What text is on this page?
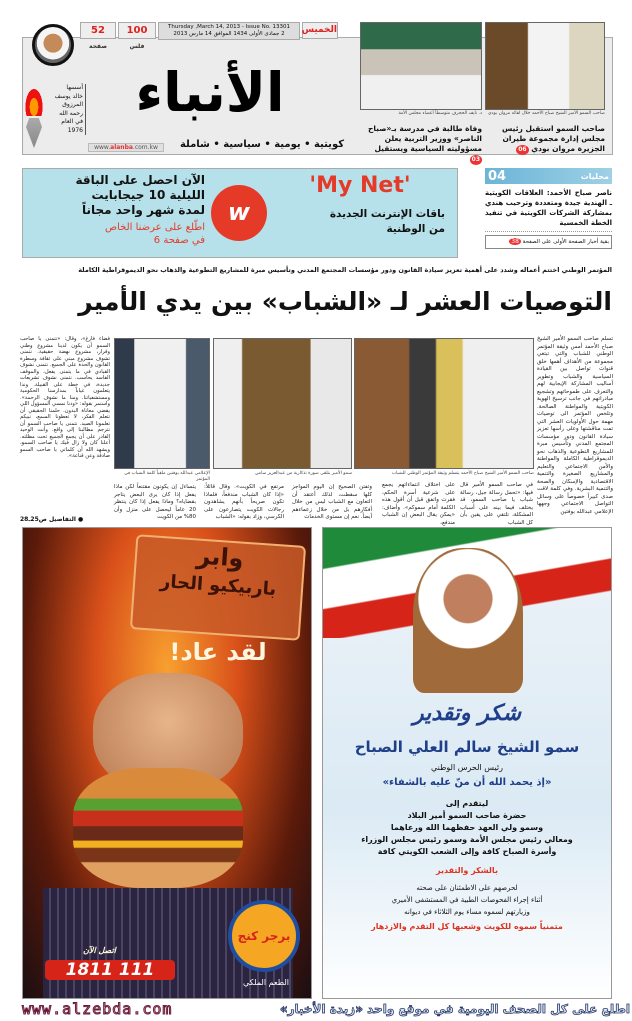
الخميس
Thursday ,March 14, 2013 - Issue No. 13301
2 جمادى الأولى 1434 الموافق 14 مارس 2013
100 فلس
52 صفحة
الأنباء
أسسها
خالد يوسف
المرزوق
رحمه الله
في العام
1976
كويتية • يومية • سياسية • شاملة
www.alanba.com.kw
صاحب السمو الأمير الشيخ صباح الأحمد خلال لقائه مروان بودي
صاحب السمو استقبل رئيس مجلس إدارة مجموعة طيران الجزيرة مروان بودي 06
د. نايف الحجرف متوسطاً أعضاء مجلس الأمة
وفاة طالبة في مدرسة بـ«صباح الناصر» ووزير التربية يعلن مسؤوليته السياسية ويستقيل 03
الآن احصل على الباقة
الليلية 10 جيجابايت
لمدة شهر واحد مجاناً
اطّلع على عرضنا الخاص
في صفحة 6
w
'My Net'
باقات الإنترنت الجديدة
من الوطنية
محليات
04
ناصر صباح الأحمد: العلاقات الكويتية ـ الهندية جيدة ومتعددة وترحيب هندي بمشاركة الشركات الكويتية في تنفيذ الخطة الخمسية
بقية أخبار الصفحة الأولى على الصفحة 38
المؤتمر الوطني اختتم أعماله وشدد على أهمية تعزيز سيادة القانون ودور مؤسسات المجتمع المدني وتأسيس مبرة للمشاريع التطوعية والذهاب نحو الديموقراطية الكاملة
التوصيات العشر لـ «الشباب» بين يدي الأمير
تسلم صاحب السمو الأمير الشيخ صباح الأحمد أمس وثيقة المؤتمر الوطني للشباب والتي تبتغي مجموعة من الأهداف أهمها خلق قنوات تواصل بين القيادة السياسية والشباب وتطوير أساليب المشاركة الإيجابية لهم والتعرف على طموحاتهم وتشجيع مبادراتهم في جانب ترسيخ الهوية الكويتية والمواطنة الصالحة. وتلخص المؤتمر الى توصيات مهمة حول الأولويات العشر التي تمت مناقشتها وعلى رأسها تعزيز سيادة القانون ودور مؤسسات المجتمع المدني وتأسيس مبرة للمشاريع التطوعية والذهاب نحو الديموقراطية الكاملة والمواطنة والأمن الاجتماعي والتعليم والمشاريع الصغيرة والتنمية الاقتصادية والإسكان والصحة والتنمية البشرية. وفي كلمة لاقت صدى كبيراً خصوصاً على وسائل التواصل الاجتماعي وجهها الإعلامي عبدالله بوفتين
صاحب السمو الأمير الشيخ صباح الأحمد يتسلم وثيقة المؤتمر الوطني للشباب
سمو الأمير يتلقى صورة تذكارية من عبدالعزيز سامي
الإعلامي عبدالله بوفتين ملقياً كلمة الشباب في المؤتمر
في صاحب السمو الأمير قال فيها: «تحمل رسالة جيل، رسالة شباب يا صاحب السمو، قد يختلف فيما بينه على أسباب المشكلة، تلتقي على يقين بأن كل الشباب
على اختلاف انتماءاتهم يجمع على شرعية أسرة الحكم، فقرت واتفق قبل أن أقول هذه الكلمة أمام سموكم». وأضاف: «يمكن يقال البعض إن الشباب مندفع،
وتفتن الصحيح إن اليوم المواجز كلها سقطت، لذلك أعتقد أن التعاون مع الشباب ليس من خلال أفكارهم بل من خلال زعماءهم أيضاً. نعم إن مستوى الخدمات
مرتفع في الكويت». وقال قائلاً: «إذا كان الشباب مندفعاً، فلماذا تكون صريحاً بأنهم يشاهدون رجالات الكويت يتصارعون على الكرسي، وزاد بقوله: «الشباب
يتساءل إن يكونون مقتنعاً لكن ماذا يفعل إذا كان يرى البعض يتاجر بقضاياه؟ وماذا يفعل إذا كان ينتظر 20 عاماً ليحصل على منزل وأن 80% من الكويت
فضاء فارغ»، وقال: «نتمنى يا صاحب السمو أن يكون لدينا مشروع وطني وقرار، مشروع نهضة حقيقية. نتمنى تشوف مشروع مبني على ثقافة وسطرة القانون والحدة على الجميع. نتمنى نشوف القيادي في ما يتمنى يفعل، والموقف الفاسد يحاسب. نتمنى نشوف تشريعات جديدة، في خطة على القبيلة. وندا يتعلمون غياباً بمدارسنا الحكومية ومستشفياتنا. ومنا ما نشوف الرحمة». واستمر بقوله: «ودنا نمسي المسؤول اللي يقضي معاناة البدون. حلمنا الحقيقي أن نتعلم الفكر، لا تعطونا السمع، نبيكم تعلمونا الصيد. نتمنى يا صاحب السمو أن نترجم مطالبنا إلى واقع. وأنت الوحيد القادر على أن يجمع الجميع تحت مظلته. أعلنا كان ولا زال فيك يا صاحب السمو، ويشهد الله أن كلماتي يا صاحب السمو صادقة وعن قناعة».
● التفاصيل ص25ـ28
وابر
باربيكيو الحار
لقد عاد!
برجر كنج
الطعم الملكي
اتصل الآن
1811 111
شكر وتقدير
سمو الشيخ سالم العلي الصباح
رئيس الحرس الوطني
«إذ يحمد الله أن منّ عليه بالشفاء»
ليتقدم إلى
حضرة صاحب السمو أمير البلاد
وسمو ولي العهد حفظهما الله ورعاهما
ومعالي رئيس مجلس الأمة وسمو رئيس مجلس الوزراء
وأسرة الصباح كافة وإلى الشعب الكويتي كافة
بالشكر والتقدير
لحرصهم على الاطمئنان على صحته
أثناء إجراء الفحوصات الطبية في المستشفى الأميري
وزيارتهم لسموه مساء يوم الثلاثاء في ديوانه
متمنياً سموه للكويت وشعبها كل التقدم والازدهار
www.alzebda.com	اطلع على كل الصحف اليومية في موقع واحد «زبدة الأخبار»
